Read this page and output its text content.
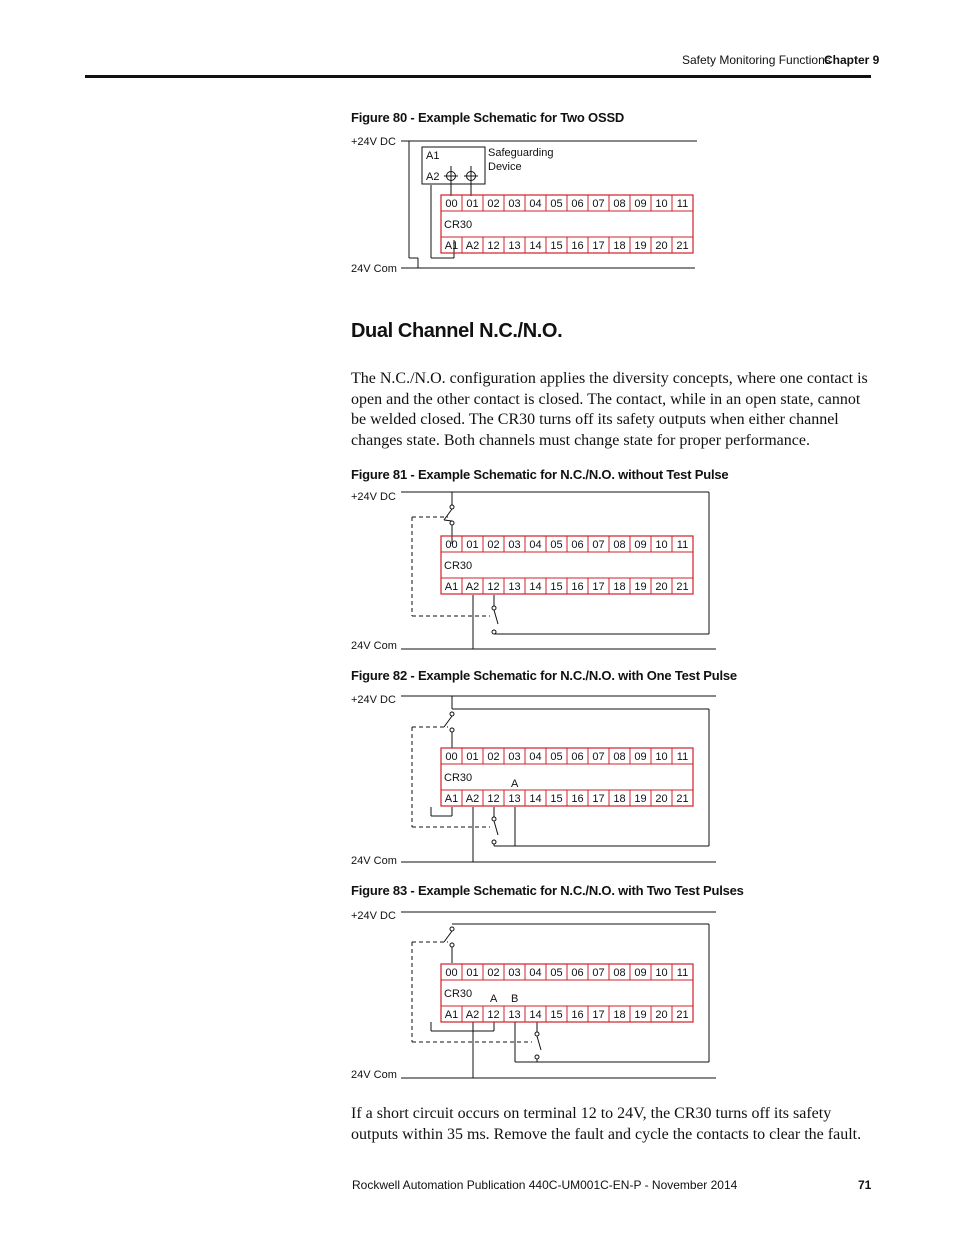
Safety Monitoring Functions
Chapter 9
Figure 80 - Example Schematic for Two OSSD
+24V DC
24V Com
A1
A2
Safeguarding
Device
00
A1
01
A2
02
12
03
13
04
14
05
15
06
16
07
17
08
18
09
19
10
20
11
21
CR30
Dual Channel N.C./N.O.

The N.C./N.O. configuration applies the diversity concepts, where one contact is open and the other contact is closed. The contact, while in an open state, cannot be welded closed. The CR30 turns off its safety outputs when either channel changes state. Both channels must change state for proper performance.

Figure 81 - Example Schematic for N.C./N.O. without Test Pulse
+24V DC
24V Com
00
A1
01
A2
02
12
03
13
04
14
05
15
06
16
07
17
08
18
09
19
10
20
11
21
CR30
Figure 82 - Example Schematic for N.C./N.O. with One Test Pulse
+24V DC
24V Com
A
00
A1
01
A2
02
12
03
13
04
14
05
15
06
16
07
17
08
18
09
19
10
20
11
21
CR30
Figure 83 - Example Schematic for N.C./N.O. with Two Test Pulses
+24V DC
24V Com
A B
00
A1
01
A2
02
12
03
13
04
14
05
15
06
16
07
17
08
18
09
19
10
20
11
21
CR30

If a short circuit occurs on terminal 12 to 24V, the CR30 turns off its safety outputs within 35 ms. Remove the fault and cycle the contacts to clear the fault.

Rockwell Automation Publication 440C-UM001C-EN-P - November 2014	71
